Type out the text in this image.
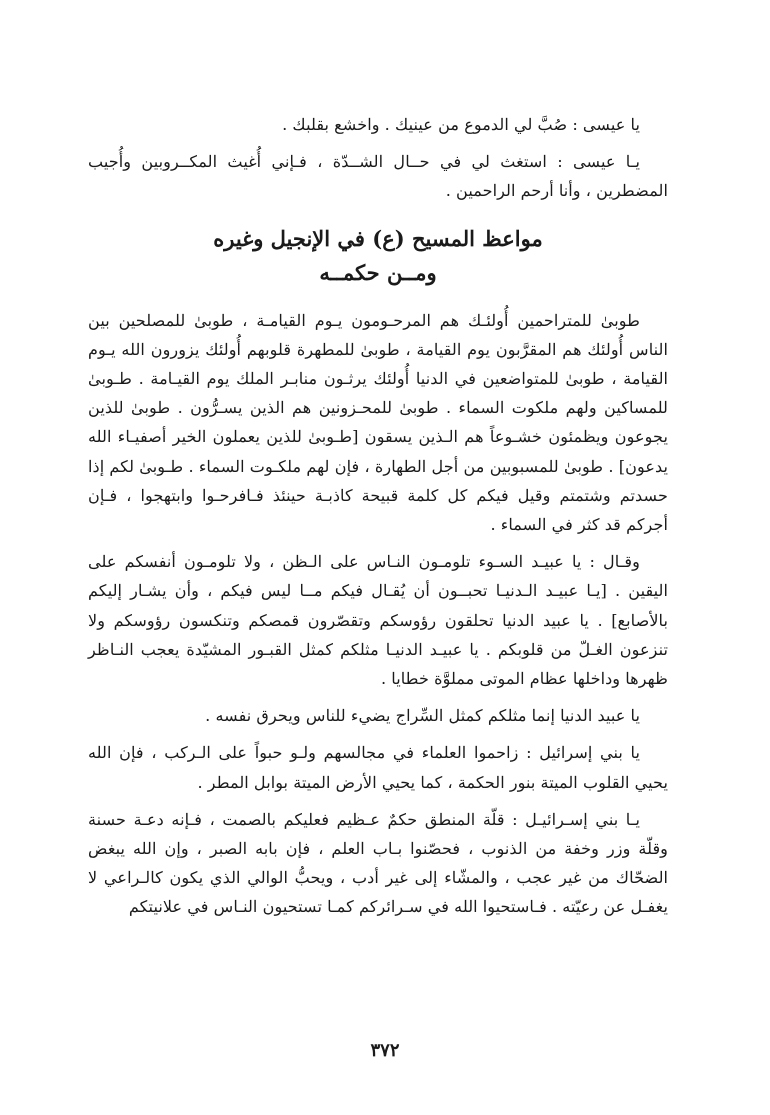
يا عيسى : صُبَّ لي الدموع من عينيك . واخشع بقلبك .

يـا عيسى : استغث لي في حــال الشــدّة ، فـإني أُغيث المكــروبين وأُجيب المضطرين ، وأنا أرحم الراحمين .

مواعظ المسيح (ع) في الإنجيل وغيره

ومــن حكمــه

طوبىٰ للمتراحمين أُولئـك هم المرحـومون يـوم القيامـة ، طوبىٰ للمصلحين بين الناس أُولئك هم المقرَّبون يوم القيامة ، طوبىٰ للمطهرة قلوبهم أُولئك يزورون الله يـوم القيامة ، طوبىٰ للمتواضعين في الدنيا أُولئك يرثـون منابـر الملك يوم القيـامة . طـوبىٰ للمساكين ولهم ملكوت السماء . طوبىٰ للمحـزونين هم الذين يسـرُّون . طوبىٰ للذين يجوعون ويظمئون خشـوعاً هم الـذين يسقون [طـوبىٰ للذين يعملون الخير أصفيـاء الله يدعون] . طوبىٰ للمسبوبين من أجل الطهارة ، فإن لهم ملكـوت السماء . طـوبىٰ لكم إذا حسدتم وشتمتم وقيل فيكم كل كلمة قبيحة كاذبـة حينئذ فـافرحـوا وابتهجوا ، فـإن أجركم قد كثر في السماء .

وقـال : يا عبيـد السـوء تلومـون النـاس على الـظن ، ولا تلومـون أنفسكم على اليقين . [يـا عبيـد الـدنيـا تحبــون أن يُقـال فيكم مــا ليس فيكم ، وأن يشـار إليكم بالأصابع] . يا عبيد الدنيا تحلقون رؤوسكم وتقصّرون قمصكم وتنكسون رؤوسكم ولا تنزعون الغـلّ من قلوبكم . يا عبيـد الدنيـا مثلكم كمثل القبـور المشيّدة يعجب النـاظر ظهرها وداخلها عظام الموتى مملوَّة خطايا .

يا عبيد الدنيا إنما مثلكم كمثل السِّراج يضيء للناس ويحرق نفسه .

يا بني إسرائيل : زاحموا العلماء في مجالسهم ولـو حبواً على الـركب ، فإن الله يحيي القلوب الميتة بنور الحكمة ، كما يحيي الأرض الميتة بوابل المطر .

يـا بني إسـرائيـل : قلّة المنطق حكمٌ عـظيم فعليكم بالصمت ، فـإنه دعـة حسنة وقلّة وزر وخفة من الذنوب ، فحصّنوا بـاب العلم ، فإن بابه الصبر ، وإن الله يبغض الضحّاك من غير عجب ، والمشّاء إلى غير أدب ، ويحبُّ الوالي الذي يكون كالـراعي لا يغفـل عن رعيّته . فـاستحيوا الله في سـرائركم كمـا تستحيون النـاس في علانيتكم

٣٧٢
